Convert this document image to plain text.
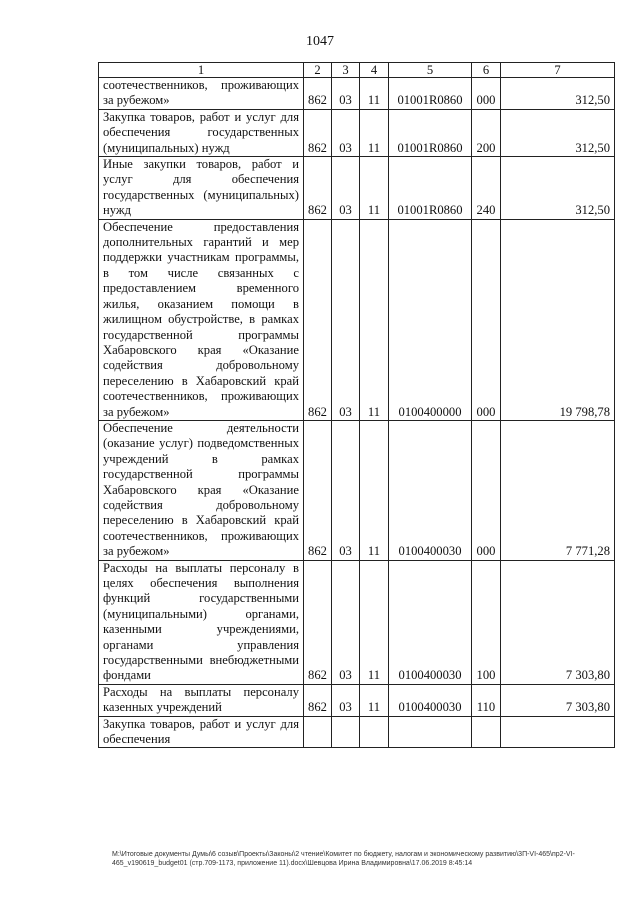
1047
1	2	3	4	5	6	7
соотечественников, проживающих за рубежом»	862	03	11	01001R0860	000	312,50
Закупка товаров, работ и услуг для обеспечения государственных (муниципальных) нужд	862	03	11	01001R0860	200	312,50
Иные закупки товаров, работ и услуг для обеспечения государственных (муниципальных) нужд	862	03	11	01001R0860	240	312,50
Обеспечение предоставления дополнительных гарантий и мер поддержки участникам программы, в том числе связанных с предоставлением временного жилья, оказанием помощи в жилищном обустройстве, в рамках государственной программы Хабаровского края «Оказание содействия добровольному переселению в Хабаровский край соотечественников, проживающих за рубежом»	862	03	11	0100400000	000	19 798,78
Обеспечение деятельности (оказание услуг) подведомственных учреждений в рамках государственной программы Хабаровского края «Оказание содействия добровольному переселению в Хабаровский край соотечественников, проживающих за рубежом»	862	03	11	0100400030	000	7 771,28
Расходы на выплаты персоналу в целях обеспечения выполнения функций государственными (муниципальными) органами, казенными учреждениями, органами управления государственными внебюджетными фондами	862	03	11	0100400030	100	7 303,80
Расходы на выплаты персоналу казенных учреждений	862	03	11	0100400030	110	7 303,80
Закупка товаров, работ и услуг для обеспечения						
M:\Итоговые документы Думы\6 созыв\Проекты\Законы\2 чтение\Комитет по бюджету, налогам и экономическому развитию\3П-VI-465\пр2-VI-
465_v190619_budget01 (стр.709-1173, приложение 11).docx\Шевцова Ирина Владимировна\17.06.2019 8:45:14
